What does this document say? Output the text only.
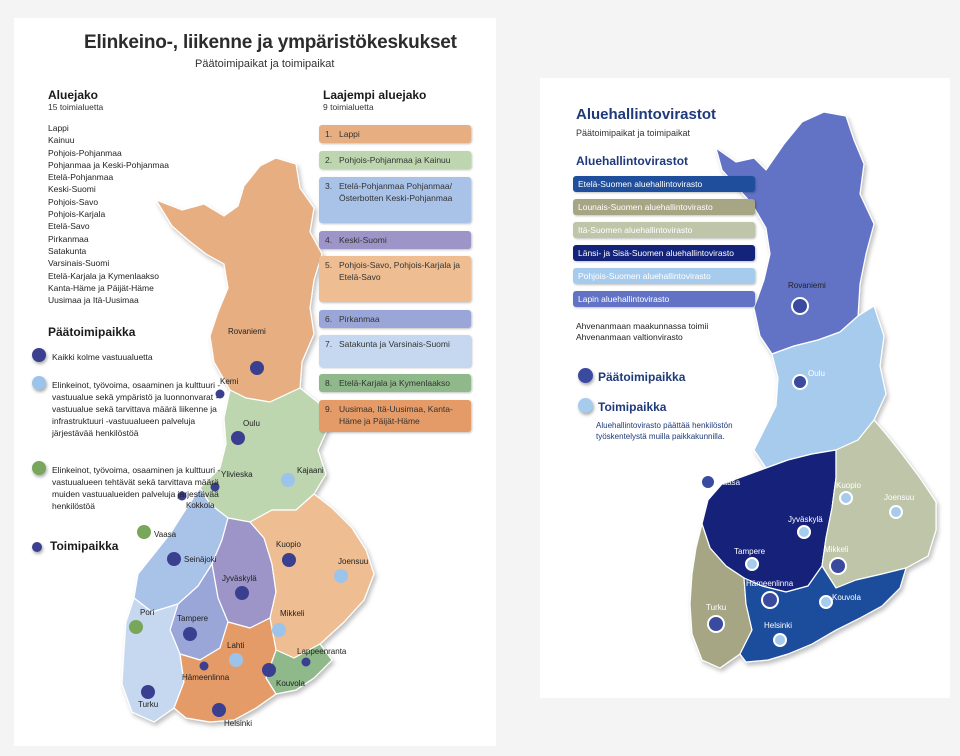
Rovaniemi
Kemi
Oulu
Ylivieska	Kajaani
Kokkola
Vaasa
Seinäjoki
Kuopio
Joensuu
Jyväskylä
Pori
Tampere
Mikkeli
Lahti
Lappeenranta
Hämeenlinna
Kouvola
Turku
Helsinki
Elinkeino-, liikenne ja ympäristökeskukset
Päätoimipaikat ja toimipaikat
Aluejako
15 toimialuetta
Lappi
Kainuu
Pohjois-Pohjanmaa
Pohjanmaa ja Keski-Pohjanmaa
Etelä-Pohjanmaa
Keski-Suomi
Pohjois-Savo
Pohjois-Karjala
Etelä-Savo
Pirkanmaa
Satakunta
Varsinais-Suomi
Etelä-Karjala ja Kymenlaakso
Kanta-Häme ja Päijät-Häme
Uusimaa ja Itä-Uusimaa
Laajempi aluejako
9 toimialuetta
1. Lappi
2. Pohjois-Pohjanmaa ja Kainuu
3. Etelä-Pohjanmaa Pohjanmaa/Österbotten Keski-Pohjanmaa
4. Keski-Suomi
5. Pohjois-Savo, Pohjois-Karjala ja Etelä-Savo
6. Pirkanmaa
7. Satakunta ja Varsinais-Suomi
8. Etelä-Karjala ja Kymenlaakso
9. Uusimaa, Itä-Uusimaa, Kanta-Häme ja Päijät-Häme
Päätoimipaikka
Kaikki kolme vastuualuetta
Elinkeinot, työvoima, osaaminen ja kulttuuri -vastuualue sekä ympäristö ja luonnonvarat -vastuualue sekä tarvittava määrä liikenne ja infrastruktuuri -vastuualueen palveluja järjestävää henkilöstöä
Elinkeinot, työvoima, osaaminen ja kulttuuri -vastuualueen tehtävät sekä tarvittava määrä muiden vastuualueiden palveluja järjestävää henkilöstöä
Toimipaikka
Rovaniemi
Oulu
Vaasa	Kuopio
Joensuu
Jyväskylä
Tampere	Mikkeli
Hämeenlinna
Turku
Kouvola
Helsinki
Aluehallintovirastot
Päätoimipaikat ja toimipaikat
Aluehallintovirastot
Etelä-Suomen aluehallintovirasto
Lounais-Suomen aluehallintovirasto
Itä-Suomen aluehallintovirasto
Länsi- ja Sisä-Suomen aluehallintovirasto
Pohjois-Suomen aluehallintovirasto
Lapin aluehallintovirasto
Ahvenanmaan maakunnassa toimii Ahvenanmaan valtionvirasto
Päätoimipaikka
Toimipaikka
Aluehallintovirasto päättää henkilöstön työskentelystä muilla paikkakunnilla.
